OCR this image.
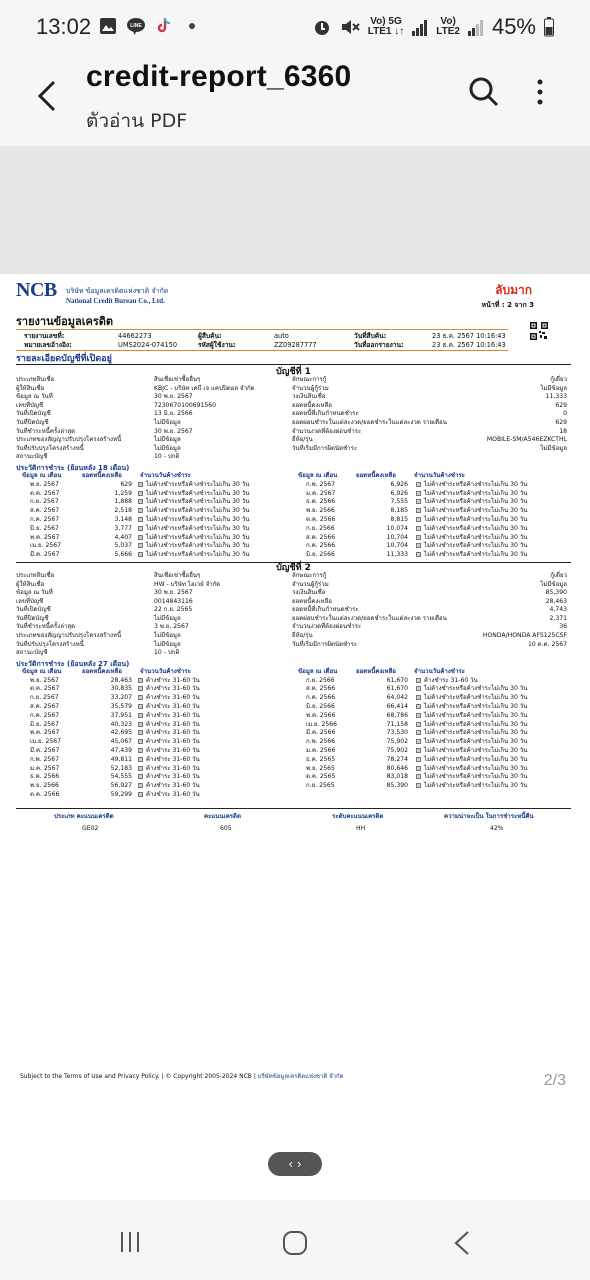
13:02	LINE	Vo) 5G
LTE1 ↓↑
Vo)
LTE2 45%
credit-report_6360
ตัวอ่าน PDF
NCB บริษัท ข้อมูลเครดิตแห่งชาติ จำกัด
National Credit Bureau Co., Ltd.
ลับมาก
หน้าที่ : 2 จาก 3
รายงานข้อมูลเครดิต
รายงานเลขที่:	44662273	ผู้สืบค้น:	auto	วันที่สืบค้น:	23 ธ.ค. 2567 10:16:43
หมายเลขอ้างอิง:	UMS2024-074150	รหัสผู้ใช้งาน:	ZZ09287777	วันที่ออกรายงาน:	23 ธ.ค. 2567 10:16:43
รายละเอียดบัญชีที่เปิดอยู่
บัญชีที่ 1
ประเภทสินเชื่อ	สินเชื่อเช่าซื้ออื่นๆ	ลักษณะการกู้	กู้เดี่ยว
ผู้ให้สินเชื่อ	KBJC - บริษัท เคบี เจ แคปปิตอล จำกัด	จำนวนผู้กู้ร่วม	ไม่มีข้อมูล
ข้อมูล ณ วันที่	30 พ.ย. 2567	วงเงินสินเชื่อ	11,333
เลขที่บัญชี	7230670100691560	ยอดหนี้คงเหลือ	629
วันที่เปิดบัญชี	13 มิ.ย. 2566	ยอดหนี้ที่เกินกำหนดชำระ	0
วันที่ปิดบัญชี	ไม่มีข้อมูล	ยอดผ่อนชำระในแต่ละงวด/ยอดชำระในแต่ละงวด รายเดือน	629
วันที่ชำระหนี้ครั้งล่าสุด	30 พ.ย. 2567	จำนวนงวดที่ต้องผ่อนชำระ	18
ประเภทของสัญญาปรับปรุงโครงสร้างหนี้	ไม่มีข้อมูล	ยี่ห้อ/รุ่น	MOBILE-SM/A546EZKCTHL
วันที่ปรับปรุงโครงสร้างหนี้	ไม่มีข้อมูล	วันที่เริ่มมีการผิดนัดชำระ	ไม่มีข้อมูล
สถานะบัญชี	10 - ปกติ
ประวัติการชำระ (ย้อนหลัง 18 เดือน)
ข้อมูล ณ เดือน	ยอดหนี้คงเหลือ	จำนวนวันค้างชำระ	ข้อมูล ณ เดือน	ยอดหนี้คงเหลือ	จำนวนวันค้างชำระ
พ.ย. 2567	629 ไม่ค้างชำระหรือค้างชำระไม่เกิน 30 วัน	ก.พ. 2567	6,926	ไม่ค้างชำระหรือค้างชำระไม่เกิน 30 วัน
ต.ค. 2567	1,259 ไม่ค้างชำระหรือค้างชำระไม่เกิน 30 วัน	ม.ค. 2567	6,926	ไม่ค้างชำระหรือค้างชำระไม่เกิน 30 วัน
ก.ย. 2567	1,888 ไม่ค้างชำระหรือค้างชำระไม่เกิน 30 วัน	ธ.ค. 2566	7,555	ไม่ค้างชำระหรือค้างชำระไม่เกิน 30 วัน
ส.ค. 2567	2,518 ไม่ค้างชำระหรือค้างชำระไม่เกิน 30 วัน	พ.ย. 2566	8,185	ไม่ค้างชำระหรือค้างชำระไม่เกิน 30 วัน
ก.ค. 2567	3,148 ไม่ค้างชำระหรือค้างชำระไม่เกิน 30 วัน	ต.ค. 2566	8,815	ไม่ค้างชำระหรือค้างชำระไม่เกิน 30 วัน
มิ.ย. 2567	3,777 ไม่ค้างชำระหรือค้างชำระไม่เกิน 30 วัน	ก.ย. 2566	10,074	ไม่ค้างชำระหรือค้างชำระไม่เกิน 30 วัน
พ.ค. 2567	4,407 ไม่ค้างชำระหรือค้างชำระไม่เกิน 30 วัน	ส.ค. 2566	10,704	ไม่ค้างชำระหรือค้างชำระไม่เกิน 30 วัน
เม.ย. 2567	5,037 ไม่ค้างชำระหรือค้างชำระไม่เกิน 30 วัน	ก.ค. 2566	10,704	ไม่ค้างชำระหรือค้างชำระไม่เกิน 30 วัน
มี.ค. 2567	5,666 ไม่ค้างชำระหรือค้างชำระไม่เกิน 30 วัน	มิ.ย. 2566	11,333	ไม่ค้างชำระหรือค้างชำระไม่เกิน 30 วัน
บัญชีที่ 2
ประเภทสินเชื่อ	สินเชื่อเช่าซื้ออื่นๆ	ลักษณะการกู้	กู้เดี่ยว
ผู้ให้สินเชื่อ	HW - บริษัท ไฮเวย์ จำกัด	จำนวนผู้กู้ร่วม	ไม่มีข้อมูล
ข้อมูล ณ วันที่	30 พ.ย. 2567	วงเงินสินเชื่อ	85,390
เลขที่บัญชี	0014843116	ยอดหนี้คงเหลือ	28,463
วันที่เปิดบัญชี	22 ก.ย. 2565	ยอดหนี้ที่เกินกำหนดชำระ	4,743
วันที่ปิดบัญชี	ไม่มีข้อมูล	ยอดผ่อนชำระในแต่ละงวด/ยอดชำระในแต่ละงวด รายเดือน	2,371
วันที่ชำระหนี้ครั้งล่าสุด	3 พ.ย. 2567	จำนวนงวดที่ต้องผ่อนชำระ	36
ประเภทของสัญญาปรับปรุงโครงสร้างหนี้	ไม่มีข้อมูล	ยี่ห้อ/รุ่น	HONDA/HONDA AFS125CSF
วันที่ปรับปรุงโครงสร้างหนี้	ไม่มีข้อมูล	วันที่เริ่มมีการผิดนัดชำระ	10 ต.ค. 2567
สถานะบัญชี	10 - ปกติ
ประวัติการชำระ (ย้อนหลัง 27 เดือน)
ข้อมูล ณ เดือน	ยอดหนี้คงเหลือ	จำนวนวันค้างชำระ	ข้อมูล ณ เดือน	ยอดหนี้คงเหลือ	จำนวนวันค้างชำระ
พ.ย. 2567	28,463 ค้างชำระ 31-60 วัน	ก.ย. 2566	61,670	ค้างชำระ 31-60 วัน
ต.ค. 2567	30,835 ค้างชำระ 31-60 วัน	ส.ค. 2566	61,670	ไม่ค้างชำระหรือค้างชำระไม่เกิน 30 วัน
ก.ย. 2567	33,207 ค้างชำระ 31-60 วัน	ก.ค. 2566	64,042	ไม่ค้างชำระหรือค้างชำระไม่เกิน 30 วัน
ส.ค. 2567	35,579 ค้างชำระ 31-60 วัน	มิ.ย. 2566	66,414	ไม่ค้างชำระหรือค้างชำระไม่เกิน 30 วัน
ก.ค. 2567	37,951 ค้างชำระ 31-60 วัน	พ.ค. 2566	68,786	ไม่ค้างชำระหรือค้างชำระไม่เกิน 30 วัน
มิ.ย. 2567	40,323 ค้างชำระ 31-60 วัน	เม.ย. 2566	71,158	ไม่ค้างชำระหรือค้างชำระไม่เกิน 30 วัน
พ.ค. 2567	42,695 ค้างชำระ 31-60 วัน	มี.ค. 2566	73,530	ไม่ค้างชำระหรือค้างชำระไม่เกิน 30 วัน
เม.ย. 2567	45,067 ค้างชำระ 31-60 วัน	ก.พ. 2566	75,902	ไม่ค้างชำระหรือค้างชำระไม่เกิน 30 วัน
มี.ค. 2567	47,439 ค้างชำระ 31-60 วัน	ม.ค. 2566	75,902	ไม่ค้างชำระหรือค้างชำระไม่เกิน 30 วัน
ก.พ. 2567	49,811 ค้างชำระ 31-60 วัน	ธ.ค. 2565	78,274	ไม่ค้างชำระหรือค้างชำระไม่เกิน 30 วัน
ม.ค. 2567	52,183 ค้างชำระ 31-60 วัน	พ.ย. 2565	80,646	ไม่ค้างชำระหรือค้างชำระไม่เกิน 30 วัน
ธ.ค. 2566	54,555 ค้างชำระ 31-60 วัน	ต.ค. 2565	83,018	ไม่ค้างชำระหรือค้างชำระไม่เกิน 30 วัน
พ.ย. 2566	56,927 ค้างชำระ 31-60 วัน	ก.ย. 2565	85,390	ไม่ค้างชำระหรือค้างชำระไม่เกิน 30 วัน
ต.ค. 2566	59,299 ค้างชำระ 31-60 วัน
ประเภท คะแนนเครดิต	คะแนนเครดิต	ระดับคะแนนเครดิต	ความน่าจะเป็น ในการชำระหนี้คืน
GE02	605	HH	42%
Subject to the Terms of Use and Privacy Policy. | © Copyright 2005-2024 NCB | บริษัทข้อมูลเครดิตแห่งชาติ จำกัด	2/3
‹ ›
